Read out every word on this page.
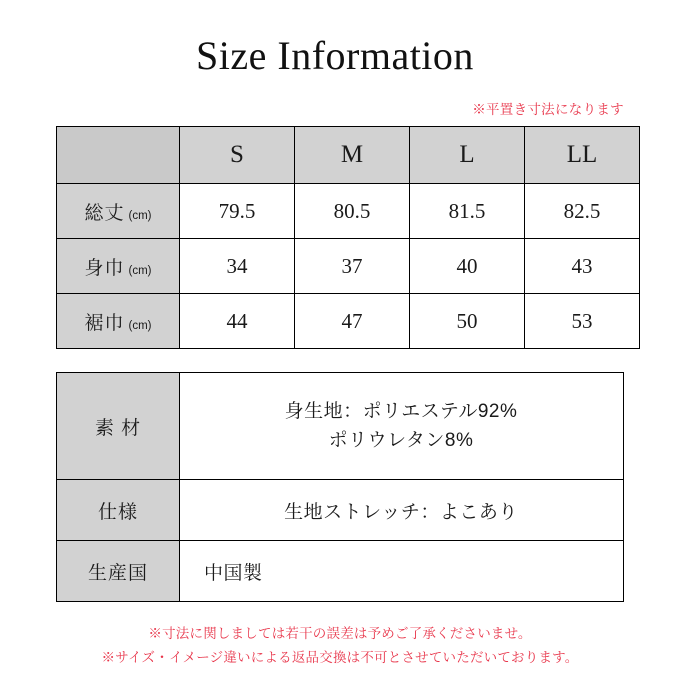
Size Information
※平置き寸法になります
	S	M	L	LL
総丈 (cm)	79.5	80.5	81.5	82.5
身巾 (cm)	34	37	40	43
裾巾 (cm)	44	47	50	53
素 材	身生地：ポリエステル92%
ポリウレタン8%

仕様	生地ストレッチ：よこあり
生産国	中国製
※寸法に関しましては若干の誤差は予めご了承くださいませ。
※サイズ・イメージ違いによる返品交換は不可とさせていただいております。
